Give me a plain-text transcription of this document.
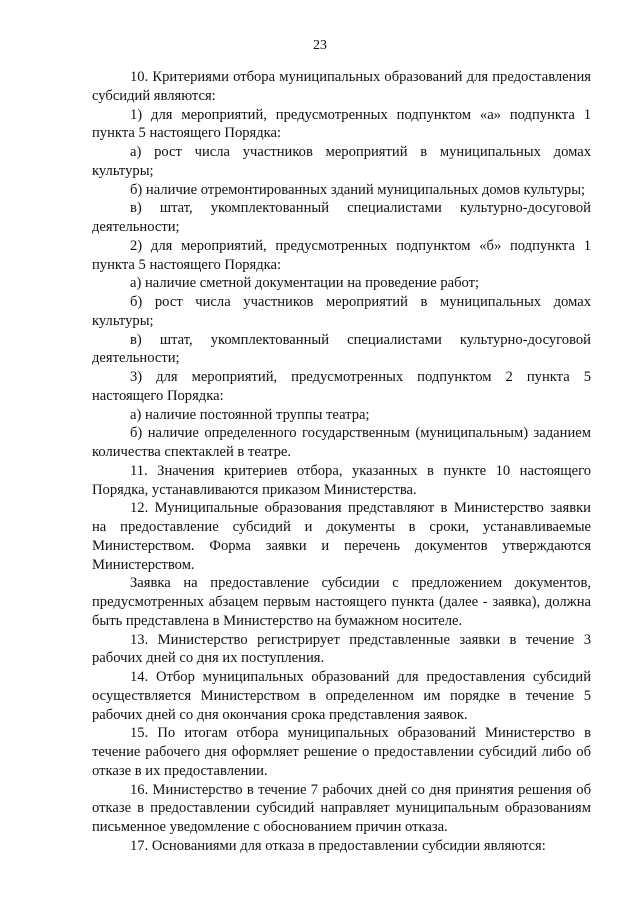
23

10. Критериями отбора муниципальных образований для предоставления субсидий являются:

1) для мероприятий, предусмотренных подпунктом «а» подпункта 1 пункта 5 настоящего Порядка:

а) рост числа участников мероприятий в муниципальных домах культуры;

б) наличие отремонтированных зданий муниципальных домов культуры;

в) штат, укомплектованный специалистами культурно-досуговой деятельности;

2) для мероприятий, предусмотренных подпунктом «б» подпункта 1 пункта 5 настоящего Порядка:

а) наличие сметной документации на проведение работ;

б) рост числа участников мероприятий в муниципальных домах культуры;

в) штат, укомплектованный специалистами культурно-досуговой деятельности;

3) для мероприятий, предусмотренных подпунктом 2 пункта 5 настоящего Порядка:

а) наличие постоянной труппы театра;

б) наличие определенного государственным (муниципальным) заданием количества спектаклей в театре.

11. Значения критериев отбора, указанных в пункте 10 настоящего Порядка, устанавливаются приказом Министерства.

12. Муниципальные образования представляют в Министерство заявки на предоставление субсидий и документы в сроки, устанавливаемые Министерством. Форма заявки и перечень документов утверждаются Министерством.

Заявка на предоставление субсидии с предложением документов, предусмотренных абзацем первым настоящего пункта (далее - заявка), должна быть представлена в Министерство на бумажном носителе.

13. Министерство регистрирует представленные заявки в течение 3 рабочих дней со дня их поступления.

14. Отбор муниципальных образований для предоставления субсидий осуществляется Министерством в определенном им порядке в течение 5 рабочих дней со дня окончания срока представления заявок.

15. По итогам отбора муниципальных образований Министерство в течение рабочего дня оформляет решение о предоставлении субсидий либо об отказе в их предоставлении.

16. Министерство в течение 7 рабочих дней со дня принятия решения об отказе в предоставлении субсидий направляет муниципальным образованиям письменное уведомление с обоснованием причин отказа.

17. Основаниями для отказа в предоставлении субсидии являются:
